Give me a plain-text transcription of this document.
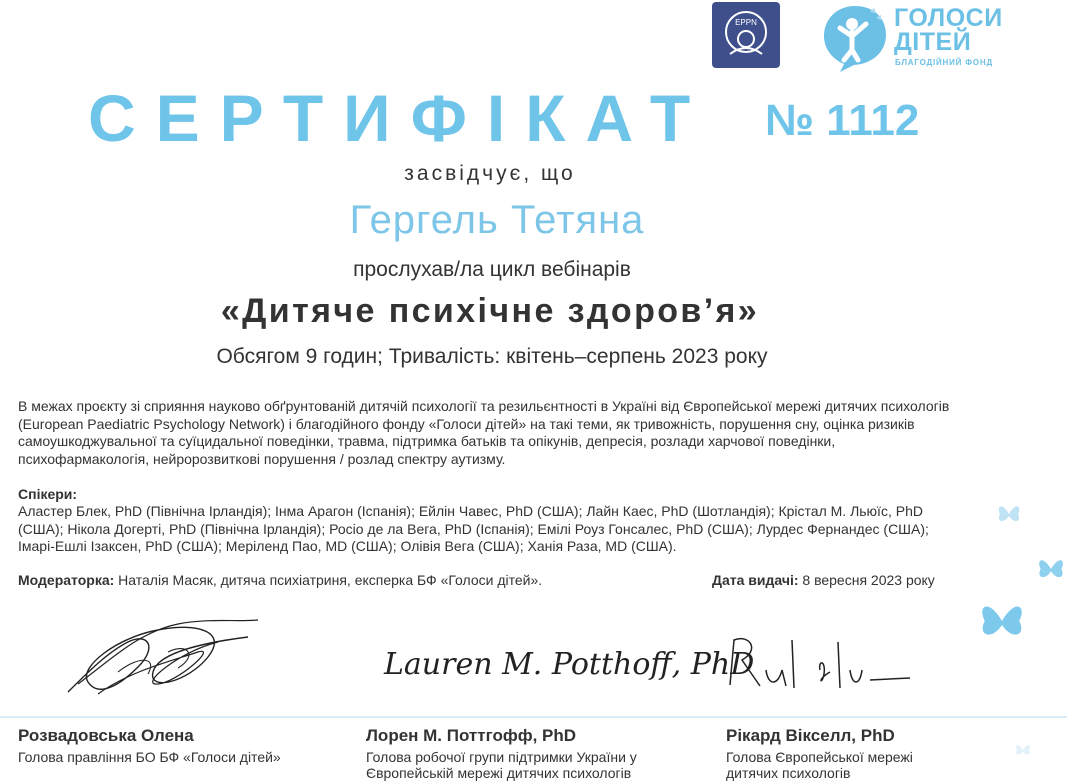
EPPN	ГОЛОСИ
ДІТЕЙ
БЛАГОДІЙНИЙ ФОНД
СЕРТИФІКАТ № 1112
засвідчує, що
Гергель Тетяна
прослухав/ла цикл вебінарів
«Дитяче психічне здоров’я»
Обсягом 9 годин; Тривалість: квітень–серпень 2023 року
В межах проєкту зі сприяння науково обґрунтованій дитячій психології та резильєнтності в Україні від Європейської мережі дитячих психологів (European Paediatric Psychology Network) і благодійного фонду «Голоси дітей» на такі теми, як тривожність, порушення сну, оцінка ризиків самоушкоджувальної та суїцидальної поведінки, травма, підтримка батьків та опікунів, депресія, розлади харчової поведінки, психофармакологія, нейророзвиткові порушення / розлад спектру аутизму.
Спікери:
Аластер Блек, PhD (Північна Ірландія); Інма Арагон (Іспанія); Ейлін Чавес, PhD (США); Лайн Каес, PhD (Шотландія); Крістал М. Льюїс, PhD (США); Нікола Догерті, PhD (Північна Ірландія); Росіо де ла Вега, PhD (Іспанія); Емілі Роуз Гонсалес, PhD (США); Лурдес Фернандес (США); Імарі-Ешлі Ізаксен, PhD (США); Меріленд Пао, MD (США); Олівія Вега (США); Ханія Раза, MD (США).
Модераторка: Наталія Масяк, дитяча психіатриня, експерка БФ «Голоси дітей».	Дата видачі: 8 вересня 2023 року
Lauren M. Potthoff, PhD
Розвадовська Олена
Голова правління БО БФ «Голоси дітей»
Лорен М. Поттгофф, PhD
Голова робочої групи підтримки України у Європейській мережі дитячих психологів
Рікард Вікселл, PhD
Голова Європейської мережі дитячих психологів
